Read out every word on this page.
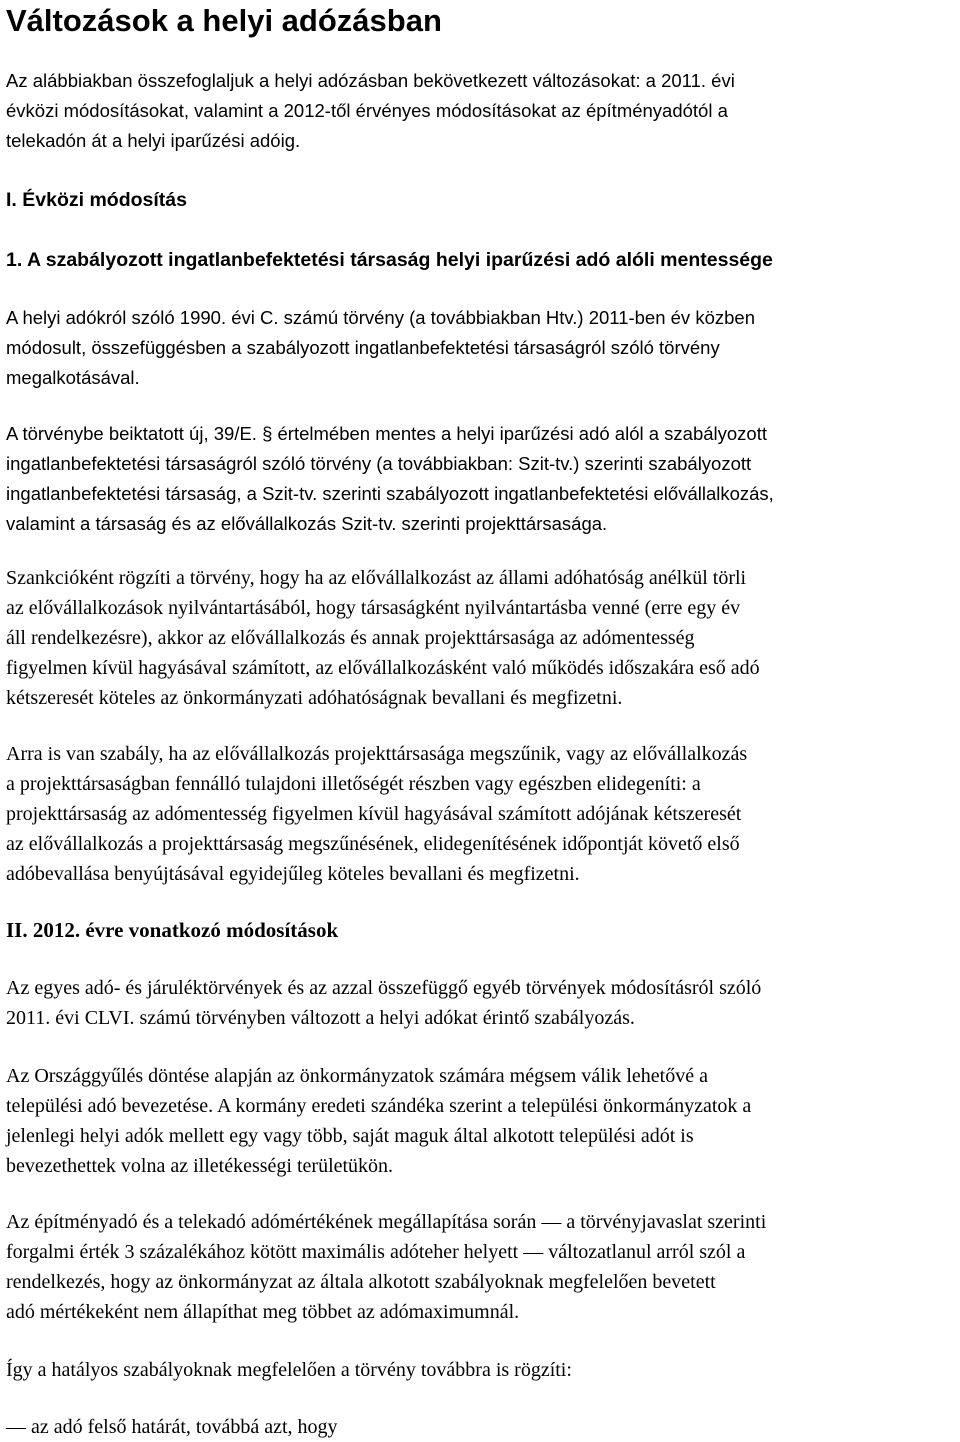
Változások a helyi adózásban

Az alábbiakban összefoglaljuk a helyi adózásban bekövetkezett változásokat: a 2011. évi
évközi módosításokat, valamint a 2012-től érvényes módosításokat az építményadótól a
telekadón át a helyi iparűzési adóig.

I. Évközi módosítás

1. A szabályozott ingatlanbefektetési társaság helyi iparűzési adó alóli mentessége

A helyi adókról szóló 1990. évi C. számú törvény (a továbbiakban Htv.) 2011-ben év közben
módosult, összefüggésben a szabályozott ingatlanbefektetési társaságról szóló törvény
megalkotásával.

A törvénybe beiktatott új, 39/E. § értelmében mentes a helyi iparűzési adó alól a szabályozott
ingatlanbefektetési társaságról szóló törvény (a továbbiakban: Szit-tv.) szerinti szabályozott
ingatlanbefektetési társaság, a Szit-tv. szerinti szabályozott ingatlanbefektetési elővállalkozás,
valamint a társaság és az elővállalkozás Szit-tv. szerinti projekttársasága.

Szankcióként rögzíti a törvény, hogy ha az elővállalkozást az állami adóhatóság anélkül törli
az elővállalkozások nyilvántartásából, hogy társaságként nyilvántartásba venné (erre egy év
áll rendelkezésre), akkor az elővállalkozás és annak projekttársasága az adómentesség
figyelmen kívül hagyásával számított, az elővállalkozásként való működés időszakára eső adó
kétszeresét köteles az önkormányzati adóhatóságnak bevallani és megfizetni.

Arra is van szabály, ha az elővállalkozás projekttársasága megszűnik, vagy az elővállalkozás
a projekttársaságban fennálló tulajdoni illetőségét részben vagy egészben elidegeníti: a
projekttársaság az adómentesség figyelmen kívül hagyásával számított adójának kétszeresét
az elővállalkozás a projekttársaság megszűnésének, elidegenítésének időpontját követő első
adóbevallása benyújtásával egyidejűleg köteles bevallani és megfizetni.

II. 2012. évre vonatkozó módosítások

Az egyes adó- és járuléktörvények és az azzal összefüggő egyéb törvények módosításról szóló
2011. évi CLVI. számú törvényben változott a helyi adókat érintő szabályozás.

Az Országgyűlés döntése alapján az önkormányzatok számára mégsem válik lehetővé a
települési adó bevezetése. A kormány eredeti szándéka szerint a települési önkormányzatok a
jelenlegi helyi adók mellett egy vagy több, saját maguk által alkotott települési adót is
bevezethettek volna az illetékességi területükön.

Az építményadó és a telekadó adómértékének megállapítása során — a törvényjavaslat szerinti
forgalmi érték 3 százalékához kötött maximális adóteher helyett — változatlanul arról szól a
rendelkezés, hogy az önkormányzat az általa alkotott szabályoknak megfelelően bevetett
adó mértékeként nem állapíthat meg többet az adómaximumnál.

Így a hatályos szabályoknak megfelelően a törvény továbbra is rögzíti:

— az adó felső határát, továbbá azt, hogy
